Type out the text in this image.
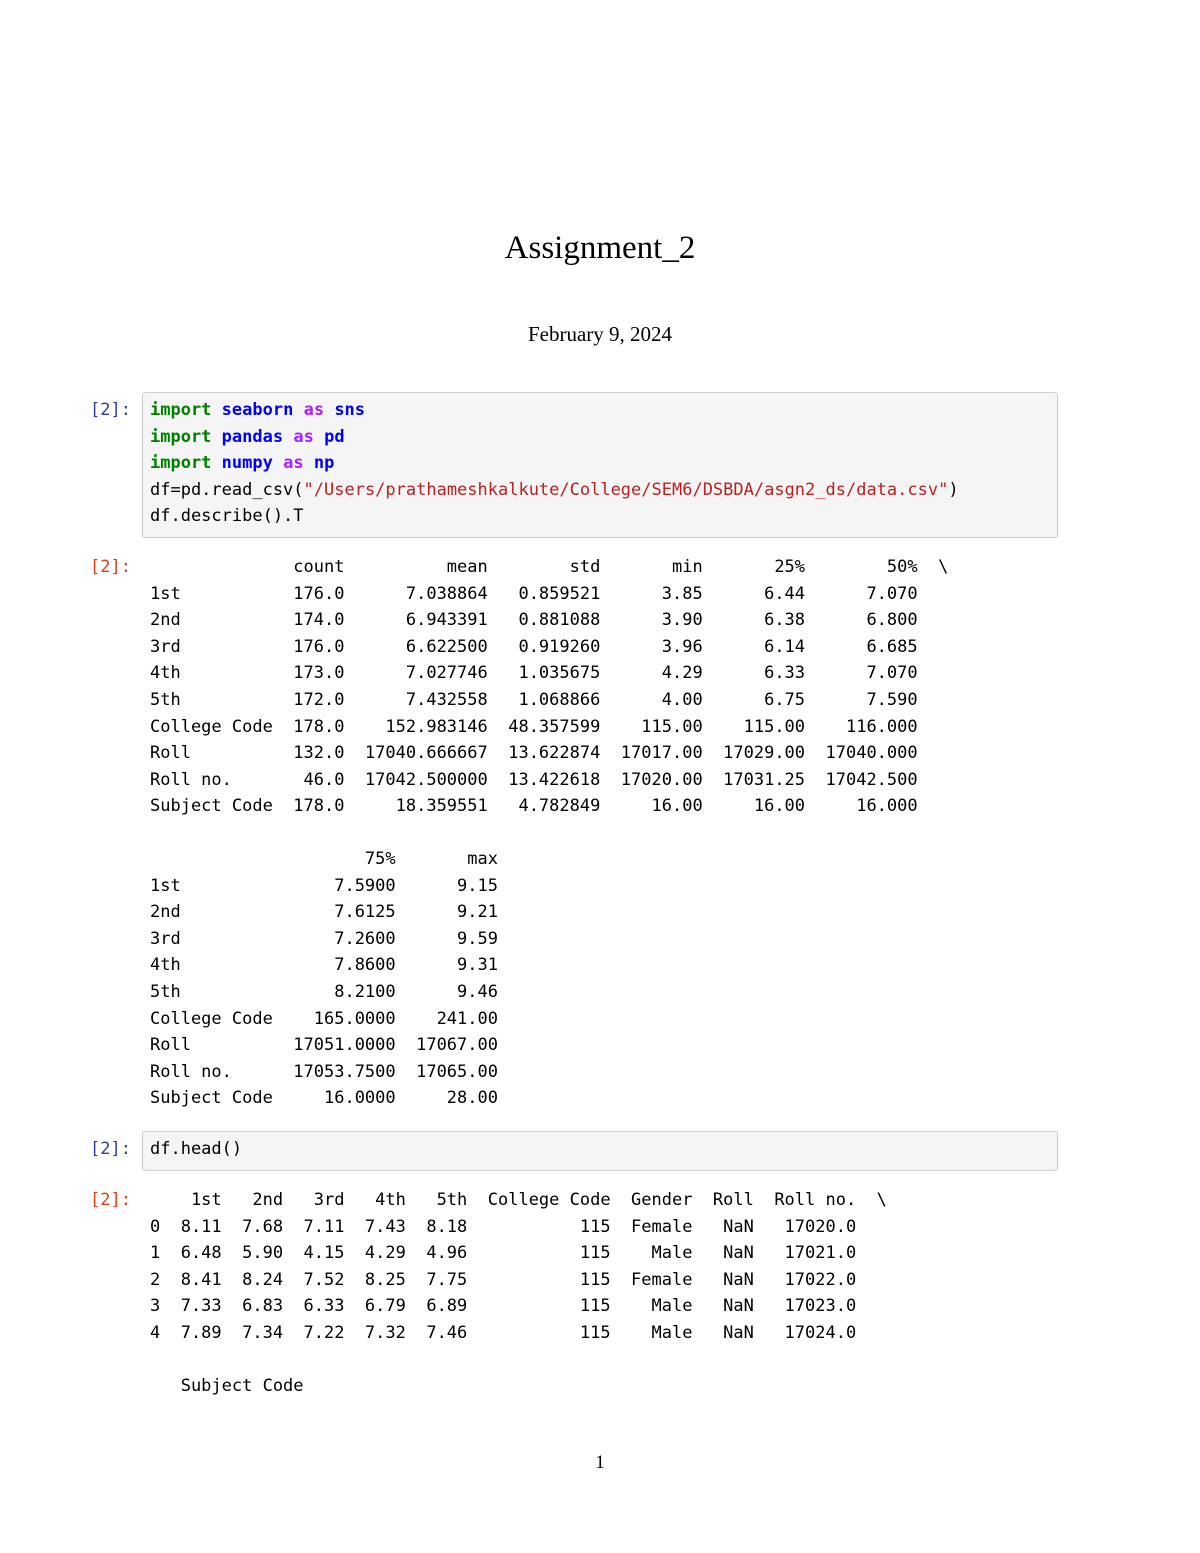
Assignment_2
February 9, 2024
[2]:	import seaborn as sns
import pandas as pd
import numpy as np
df=pd.read_csv("/Users/prathameshkalkute/College/SEM6/DSBDA/asgn2_ds/data.csv")
df.describe().T
[2]:	count          mean        std       min       25%        50%  \
1st           176.0      7.038864   0.859521      3.85      6.44      7.070
2nd           174.0      6.943391   0.881088      3.90      6.38      6.800
3rd           176.0      6.622500   0.919260      3.96      6.14      6.685
4th           173.0      7.027746   1.035675      4.29      6.33      7.070
5th           172.0      7.432558   1.068866      4.00      6.75      7.590
College Code  178.0    152.983146  48.357599    115.00    115.00    116.000
Roll          132.0  17040.666667  13.622874  17017.00  17029.00  17040.000
Roll no.       46.0  17042.500000  13.422618  17020.00  17031.25  17042.500
Subject Code  178.0     18.359551   4.782849     16.00     16.00     16.000
75%       max
1st               7.5900      9.15
2nd               7.6125      9.21
3rd               7.2600      9.59
4th               7.8600      9.31
5th               8.2100      9.46
College Code    165.0000    241.00
Roll          17051.0000  17067.00
Roll no.      17053.7500  17065.00
Subject Code     16.0000     28.00
[2]:	df.head()
[2]:	1st   2nd   3rd   4th   5th  College Code  Gender  Roll  Roll no.  \
0  8.11  7.68  7.11  7.43  8.18           115  Female   NaN   17020.0
1  6.48  5.90  4.15  4.29  4.96           115    Male   NaN   17021.0
2  8.41  8.24  7.52  8.25  7.75           115  Female   NaN   17022.0
3  7.33  6.83  6.33  6.79  6.89           115    Male   NaN   17023.0
4  7.89  7.34  7.22  7.32  7.46           115    Male   NaN   17024.0
Subject Code
1
